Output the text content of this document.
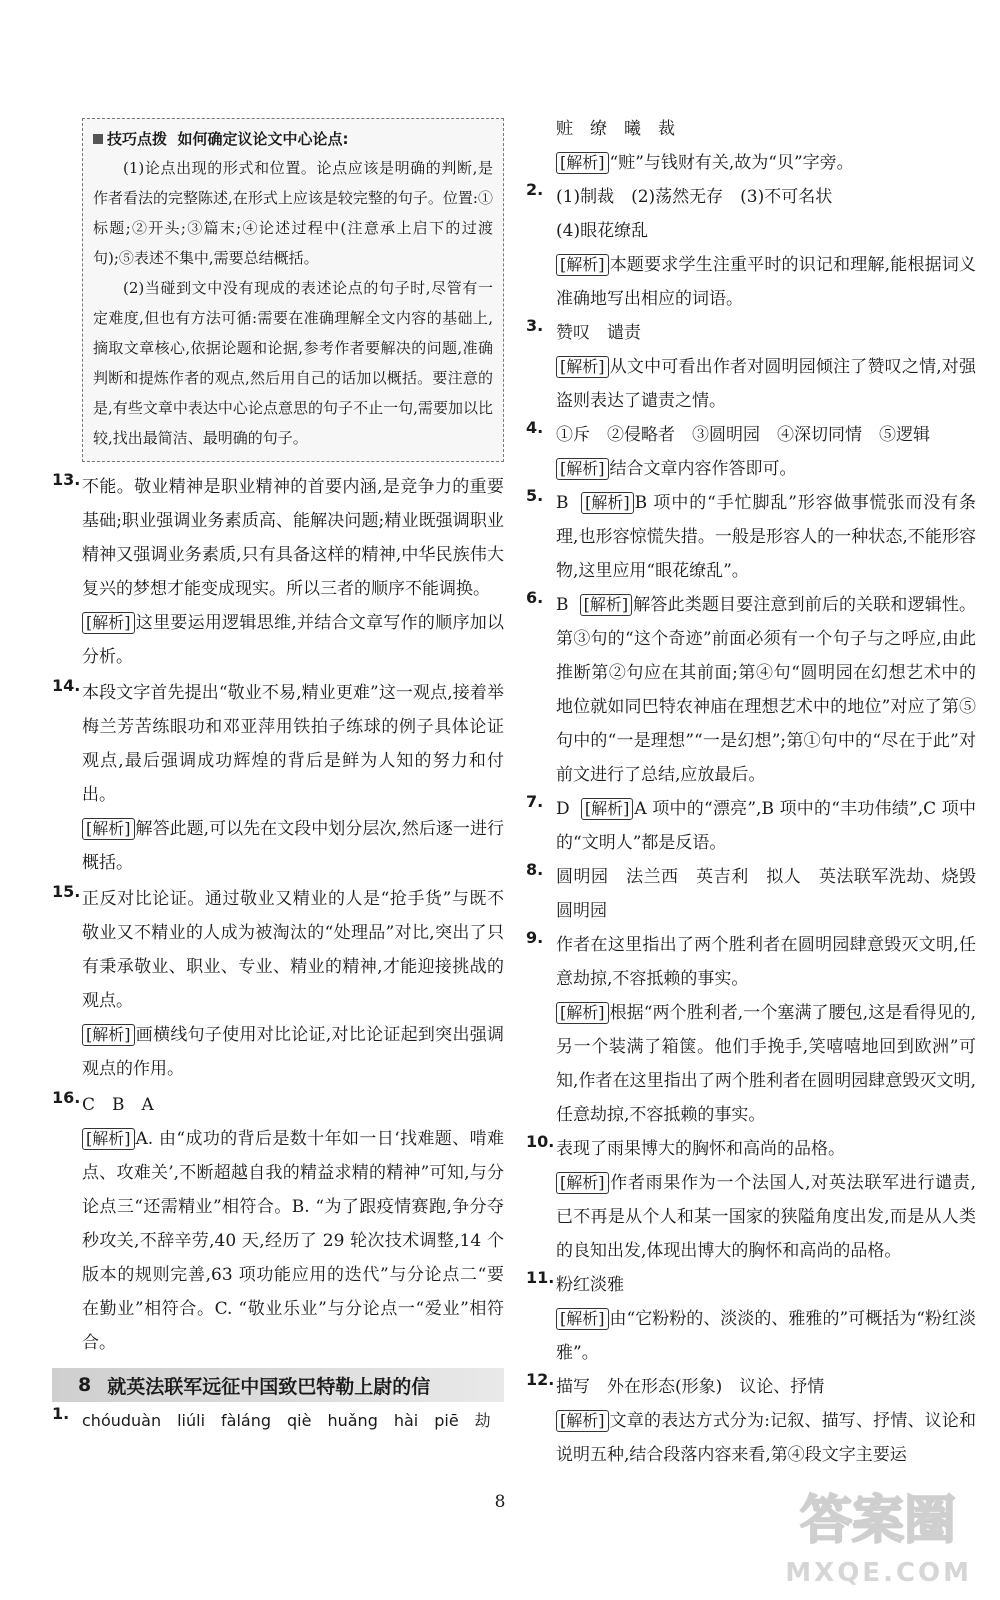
技巧点拨 如何确定议论文中心论点:

(1)论点出现的形式和位置。论点应该是明确的判断,是作者看法的完整陈述,在形式上应该是较完整的句子。位置:①标题;②开头;③篇末;④论述过程中(注意承上启下的过渡句);⑤表述不集中,需要总结概括。

(2)当碰到文中没有现成的表述论点的句子时,尽管有一定难度,但也有方法可循:需要在准确理解全文内容的基础上,摘取文章核心,依据论题和论据,参考作者要解决的问题,准确判断和提炼作者的观点,然后用自己的话加以概括。要注意的是,有些文章中表达中心论点意思的句子不止一句,需要加以比较,找出最简洁、最明确的句子。

13. 不能。敬业精神是职业精神的首要内涵,是竞争力的重要基础;职业强调业务素质高、能解决问题;精业既强调职业精神又强调业务素质,只有具备这样的精神,中华民族伟大复兴的梦想才能变成现实。所以三者的顺序不能调换。

[ 解析 ] 这里要运用逻辑思维,并结合文章写作的顺序加以分析。

14. 本段文字首先提出“敬业不易,精业更难”这一观点,接着举梅兰芳苦练眼功和邓亚萍用铁拍子练球的例子具体论证观点,最后强调成功辉煌的背后是鲜为人知的努力和付出。

[ 解析 ] 解答此题,可以先在文段中划分层次,然后逐一进行概括。

15. 正反对比论证。通过敬业又精业的人是“抢手货”与既不敬业又不精业的人成为被淘汰的“处理品”对比,突出了只有秉承敬业、职业、专业、精业的精神,才能迎接挑战的观点。

[ 解析 ] 画横线句子使用对比论证,对比论证起到突出强调观点的作用。

16. C　B　A

[ 解析 ] A. 由“成功的背后是数十年如一日‘找难题、啃难点、攻难关’,不断超越自我的精益求精的精神”可知,与分论点三“还需精业”相符合。B. “为了跟疫情赛跑,争分夺秒攻关,不辞辛劳,40 天,经历了 29 轮次技术调整,14 个版本的规则完善,63 项功能应用的迭代”与分论点二“要在勤业”相符合。C. “敬业乐业”与分论点一“爱业”相符合。

8 就英法联军远征中国致巴特勒上尉的信
1. chóuduàn　liúli　fàláng　qiè　huǎng　hài　piē　劫

赃　缭　曦　裁

[ 解析 ] “赃”与钱财有关,故为“贝”字旁。

2. (1)制裁　(2)荡然无存　(3)不可名状

(4)眼花缭乱

[ 解析 ] 本题要求学生注重平时的识记和理解,能根据词义准确地写出相应的词语。

3. 赞叹　谴责

[ 解析 ] 从文中可看出作者对圆明园倾注了赞叹之情,对强盗则表达了谴责之情。

4. ①斥　②侵略者　③圆明园　④深切同情　⑤逻辑

[ 解析 ] 结合文章内容作答即可。

5. B [ 解析 ] B 项中的“手忙脚乱”形容做事慌张而没有条理,也形容惊慌失措。一般是形容人的一种状态,不能形容物,这里应用“眼花缭乱”。

6. B [ 解析 ] 解答此类题目要注意到前后的关联和逻辑性。第③句的“这个奇迹”前面必须有一个句子与之呼应,由此推断第②句应在其前面;第④句“圆明园在幻想艺术中的地位就如同巴特农神庙在理想艺术中的地位”对应了第⑤句中的“一是理想”“一是幻想”;第①句中的“尽在于此”对前文进行了总结,应放最后。

7. D [ 解析 ] A 项中的“漂亮”,B 项中的“丰功伟绩”,C 项中的“文明人”都是反语。

8. 圆明园　法兰西　英吉利　拟人　英法联军洗劫、烧毁圆明园

9. 作者在这里指出了两个胜利者在圆明园肆意毁灭文明,任意劫掠,不容抵赖的事实。

[ 解析 ] 根据“两个胜利者,一个塞满了腰包,这是看得见的,另一个装满了箱箧。他们手挽手,笑嘻嘻地回到欧洲”可知,作者在这里指出了两个胜利者在圆明园肆意毁灭文明,任意劫掠,不容抵赖的事实。

10. 表现了雨果博大的胸怀和高尚的品格。

[ 解析 ] 作者雨果作为一个法国人,对英法联军进行谴责,已不再是从个人和某一国家的狭隘角度出发,而是从人类的良知出发,体现出博大的胸怀和高尚的品格。

11. 粉红淡雅

[ 解析 ] 由“它粉粉的、淡淡的、雅雅的”可概括为“粉红淡雅”。

12. 描写　外在形态(形象)　议论、抒情

[ 解析 ] 文章的表达方式分为:记叙、描写、抒情、议论和说明五种,结合段落内容来看,第④段文字主要运

8	答案圈
MXQE.COM
